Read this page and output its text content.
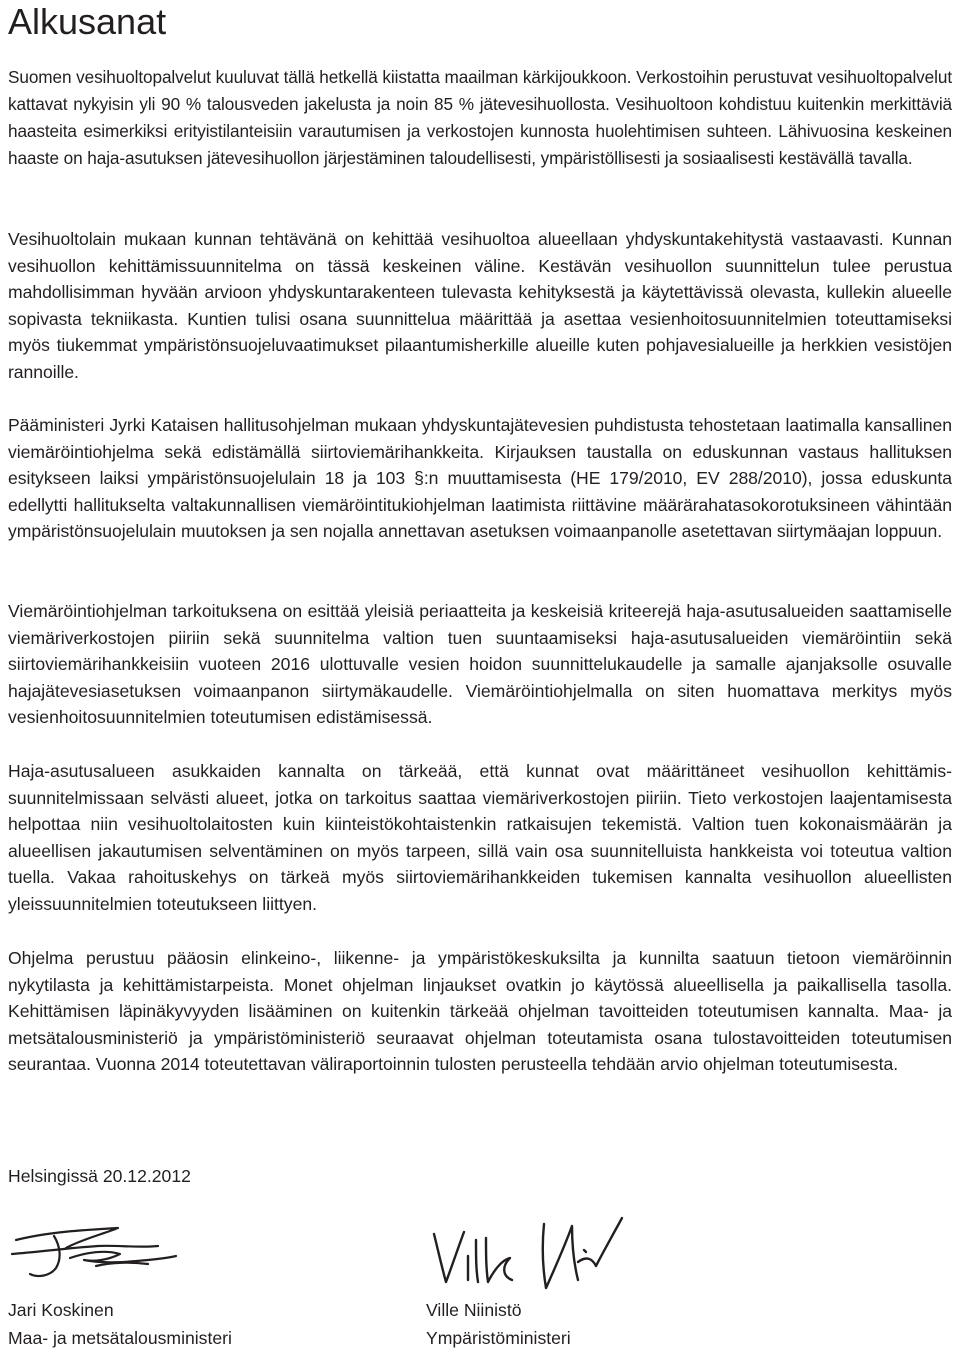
Alkusanat

Suomen vesihuoltopalvelut kuuluvat tällä hetkellä kiistatta maailman kärkijoukkoon. Verkostoihin perustuvat vesihuoltopalvelut kattavat nykyisin yli 90 % talousveden jakelusta ja noin 85 % jätevesihuollosta. Vesihuoltoon kohdistuu kuitenkin merkittäviä haasteita esimerkiksi erityistilanteisiin varautumisen ja verkostojen kunnosta huolehtimisen suhteen. Lähivuosina keskeinen haaste on haja-asutuksen jätevesihuollon järjestäminen taloudellisesti, ympäristöllisesti ja sosiaalisesti kestävällä tavalla.

Vesihuoltolain mukaan kunnan tehtävänä on kehittää vesihuoltoa alueellaan yhdyskuntakehitystä vastaavasti. Kunnan vesihuollon kehittämissuunnitelma on tässä keskeinen väline. Kestävän vesihuollon suunnittelun tulee perustua mahdollisimman hyvään arvioon yhdyskuntarakenteen tulevasta kehityksestä ja käytettävissä olevasta, kullekin alueelle sopivasta tekniikasta. Kuntien tulisi osana suunnittelua määrittää ja asettaa vesienhoitosuunnitelmien toteuttamiseksi myös tiukemmat ympäristönsuojeluvaatimukset pilaantumisherkille alueille kuten pohjavesialueille ja herkkien vesistöjen rannoille.

Pääministeri Jyrki Kataisen hallitusohjelman mukaan yhdyskuntajätevesien puhdistusta tehostetaan laatimalla kansallinen viemäröintiohjelma sekä edistämällä siirtoviemärihankkeita. Kirjauksen taustalla on eduskunnan vastaus hallituksen esitykseen laiksi ympäristönsuojelulain 18 ja 103 §:n muuttamisesta (HE 179/2010, EV 288/2010), jossa eduskunta edellytti hallitukselta valtakunnallisen viemäröintitukiohjelman laatimista riittävine määrärahatasokorotuksineen vähintään ympäristönsuojelulain muutoksen ja sen nojalla annettavan asetuksen voimaanpanolle asetettavan siirtymäajan loppuun.

Viemäröintiohjelman tarkoituksena on esittää yleisiä periaatteita ja keskeisiä kriteerejä haja-asutusalueiden saattamiselle viemäriverkostojen piiriin sekä suunnitelma valtion tuen suuntaamiseksi haja-asutusalueiden viemäröintiin sekä siirtoviemärihankkeisiin vuoteen 2016 ulottuvalle vesien hoidon suunnittelukaudelle ja samalle ajanjaksolle osuvalle hajajätevesiasetuksen voimaanpanon siirtymäkaudelle. Viemäröintiohjelmalla on siten huomattava merkitys myös vesienhoitosuunnitelmien toteutumisen edistämisessä.

Haja-asutusalueen asukkaiden kannalta on tärkeää, että kunnat ovat määrittäneet vesihuollon kehittämissuunnitelmissaan selvästi alueet, jotka on tarkoitus saattaa viemäriverkostojen piiriin. Tieto verkostojen laajentamisesta helpottaa niin vesihuoltolaitosten kuin kiinteistökohtaistenkin ratkaisujen tekemistä. Valtion tuen kokonaismäärän ja alueellisen jakautumisen selventäminen on myös tarpeen, sillä vain osa suunnitelluista hankkeista voi toteutua valtion tuella. Vakaa rahoituskehys on tärkeä myös siirtoviemärihankkeiden tukemisen kannalta vesihuollon alueellisten yleissuunnitelmien toteutukseen liittyen.

Ohjelma perustuu pääosin elinkeino-, liikenne- ja ympäristökeskuksilta ja kunnilta saatuun tietoon viemäröinnin nykytilasta ja kehittämistarpeista. Monet ohjelman linjaukset ovatkin jo käytössä alueellisella ja paikallisella tasolla. Kehittämisen läpinäkyvyyden lisääminen on kuitenkin tärkeää ohjelman tavoitteiden toteutumisen kannalta. Maa- ja metsätalousministeriö ja ympäristöministeriö seuraavat ohjelman toteutamista osana tulostavoitteiden toteutumisen seurantaa. Vuonna 2014 toteutettavan väliraportoinnin tulosten perusteella tehdään arvio ohjelman toteutumisesta.

Helsingissä 20.12.2012
Jari Koskinen
Maa- ja metsätalousministeri
Ville Niinistö
Ympäristöministeri
